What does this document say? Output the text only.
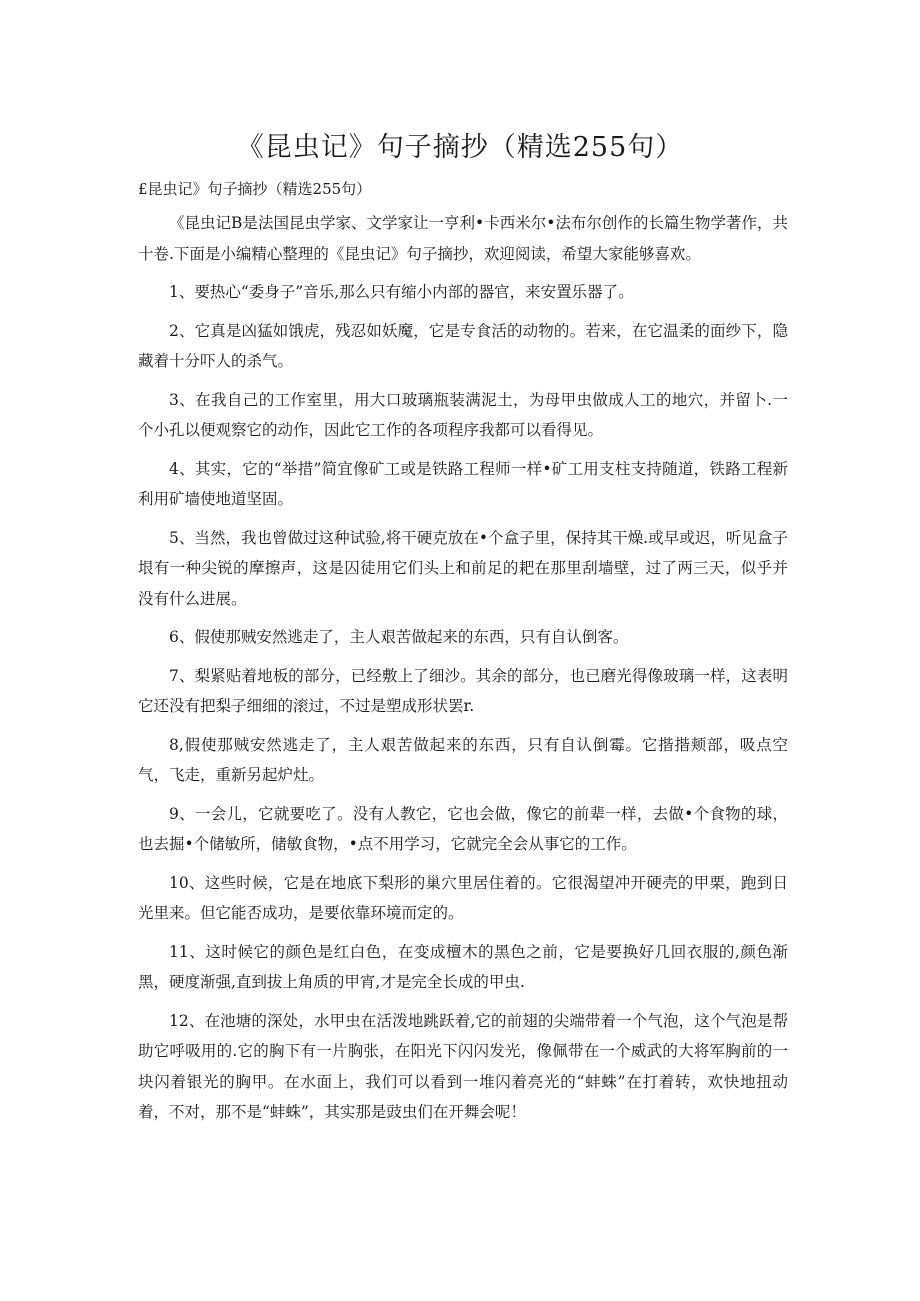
《昆虫记》句子摘抄（精选255句）
£昆虫记》句子摘抄（精选255句）

《昆虫记B是法国昆虫学家、文学家让一亨利•卡西米尔•法布尔创作的长篇生物学著作，共十卷.下面是小编精心整理的《昆虫记》句子摘抄，欢迎阅读，希望大家能够喜欢。

1、要热心“委身子”音乐,那么只有缩小内部的器官，来安置乐器了。

2、它真是凶猛如饿虎，残忍如妖魔，它是专食活的动物的。若来，在它温柔的面纱下，隐藏着十分吓人的杀气。

3、在我自己的工作室里，用大口玻璃瓶装满泥土，为母甲虫做成人工的地穴，并留卜.一个小孔以便观察它的动作，因此它工作的各项程序我都可以看得见。

4、其实，它的“举措”简宜像矿工或是铁路工程师一样•矿工用支柱支持随道，铁路工程新利用矿墙使地道坚固。

5、当然，我也曾做过这种试验,将干硬克放在•个盒子里，保持其干燥.或早或迟，听见盒子垠有一种尖锐的摩擦声，这是囚徒用它们头上和前足的耙在那里刮墙壁，过了两三天，似乎并没有什么进展。

6、假使那贼安然逃走了，主人艰苦做起来的东西，只有自认倒客。

7、梨紧贴着地板的部分，已经敷上了细沙。其余的部分，也已磨光得像玻璃一样，这表明它还没有把梨子细细的滚过，不过是塑成形状罢r.

8,假使那贼安然逃走了，主人艰苦做起来的东西，只有自认倒霉。它揩揩颊部，吸点空气，飞走，重新另起炉灶。

9、一会儿，它就要吃了。没有人教它，它也会做，像它的前辈一样，去做•个食物的球，也去掘•个储敏所，储敏食物，•点不用学习，它就完全会从事它的工作。

10、这些时候，它是在地底下梨形的巢穴里居住着的。它很渴望冲开硬壳的甲栗，跑到日光里来。但它能否成功，是要依靠环境而定的。

11、这时候它的颜色是红白色，在变成檀木的黑色之前，它是要换好几回衣服的,颜色渐黑，硬度渐强,直到拔上角质的甲宵,才是完全长成的甲虫.

12、在池塘的深处，水甲虫在活泼地跳跃着,它的前翅的尖端带着一个气泡，这个气泡是帮助它呼吸用的.它的胸下有一片胸张，在阳光下闪闪发光，像佩带在一个威武的大将军胸前的一块闪着银光的胸甲。在水面上，我们可以看到一堆闪着亮光的“蚌蛛”在打着转，欢快地扭动着，不对，那不是“蚌蛛”，其实那是豉虫们在开舞会呢！
